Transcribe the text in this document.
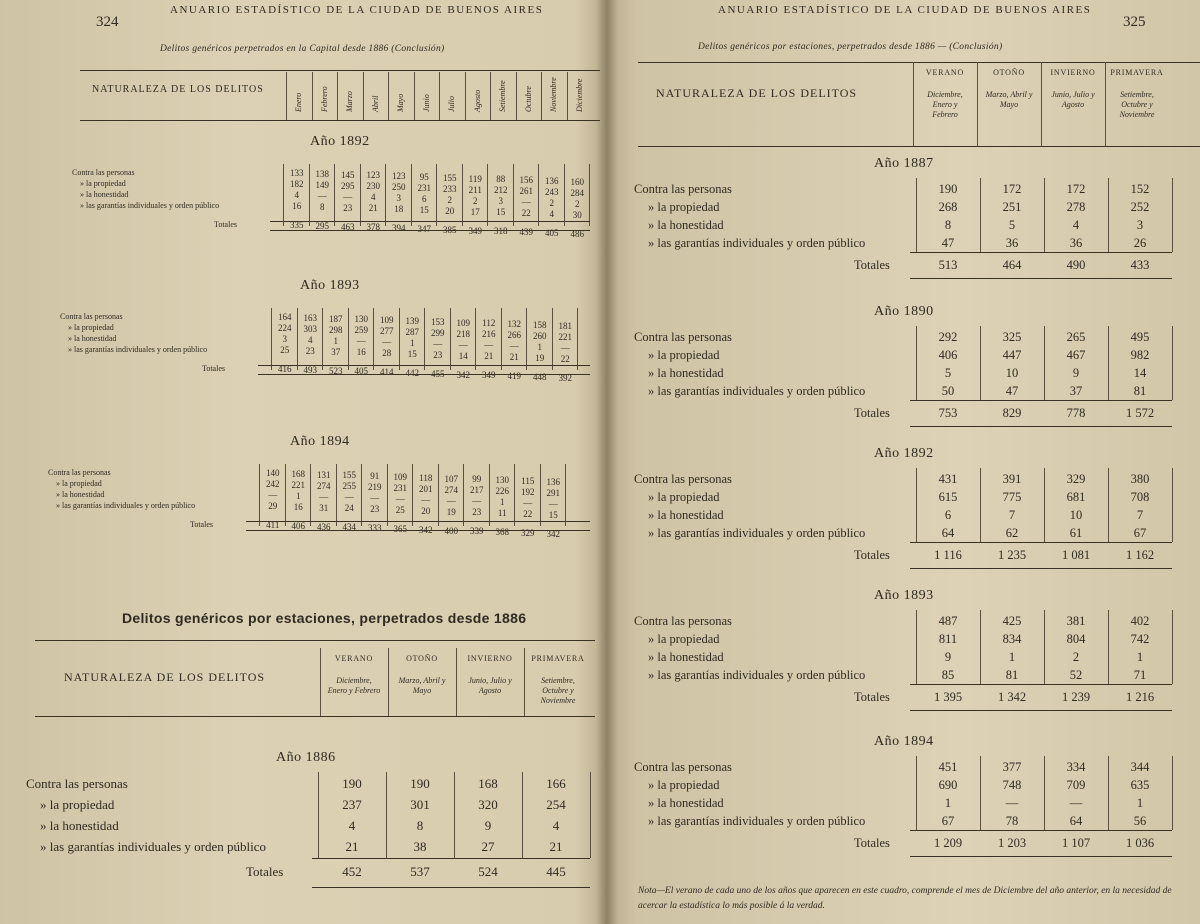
324
ANUARIO ESTADÍSTICO DE LA CIUDAD DE BUENOS AIRES
Delitos genéricos perpetrados en la Capital desde 1886 (Conclusión)
NATURALEZA DE LOS DELITOS
Enero Febrero Marzo Abril Mayo Junio Julio Agosto Setiembre Octubre Noviembre Diciembre
Año 1892
Contra las personas	133	138	145	123	123	95	155	119	88	156	136	160
» la propiedad	182	149	295	230	250	231	233	211	212	261	243	284
» la honestidad	4	—	—	4	3	6	2	2	3	—	2	2
» las garantías individuales y orden público	16	8	23	21	18	15	20	17	15	22	4	30
Totales	335	295	463	378	394	347	385	349	318	439	405	486
Año 1893
Contra las personas	164	163	187	130	109	139	153	109	112	132	158	181
» la propiedad	224	303	298	259	277	287	299	218	216	266	260	221
» la honestidad	3	4	1	—	—	1	—	—	—	—	1	—
» las garantías individuales y orden público	25	23	37	16	28	15	23	14	21	21	19	22
Totales	416	493	523	405	414	442	455	342	349	419	448	392
Año 1894
Contra las personas	140	168	131	155	91	109	118	107	99	130	115	136
» la propiedad	242	221	274	255	219	231	201	274	217	226	192	291
» la honestidad	—	1	—	—	—	—	—	—	—	1	—	—
» las garantías individuales y orden público	29	16	31	24	23	25	20	19	23	11	22	15
Totales	411	406	436	434	333	365	342	400	339	368	329	342
Delitos genéricos por estaciones, perpetrados desde 1886
NATURALEZA DE LOS DELITOS
VERANO
Diciembre, Enero y Febrero
OTOÑO
Marzo, Abril y Mayo
INVIERNO
Junio, Julio y Agosto
PRIMAVERA
Setiembre, Octubre y Noviembre
Año 1886
Contra las personas	190	190	168	166
» la propiedad	237	301	320	254
» la honestidad	4	8	9	4
» las garantías individuales y orden público	21	38	27	21
Totales	452	537	524	445
ANUARIO ESTADÍSTICO DE LA CIUDAD DE BUENOS AIRES
325
Delitos genéricos por estaciones, perpetrados desde 1886 — (Conclusión)
NATURALEZA DE LOS DELITOS
VERANO
Diciembre, Enero y Febrero
OTOÑO
Marzo, Abril y Mayo
INVIERNO
Junio, Julio y Agosto
PRIMAVERA
Setiembre, Octubre y Noviembre
Año 1887
Contra las personas	190	172	172	152
» la propiedad	268	251	278	252
» la honestidad	8	5	4	3
» las garantías individuales y orden público	47	36	36	26
Totales	513	464	490	433
Año 1890
Contra las personas	292	325	265	495
» la propiedad	406	447	467	982
» la honestidad	5	10	9	14
» las garantías individuales y orden público	50	47	37	81
Totales	753	829	778	1 572
Año 1892
Contra las personas	431	391	329	380
» la propiedad	615	775	681	708
» la honestidad	6	7	10	7
» las garantías individuales y orden público	64	62	61	67
Totales	1 116	1 235	1 081	1 162
Año 1893
Contra las personas	487	425	381	402
» la propiedad	811	834	804	742
» la honestidad	9	1	2	1
» las garantías individuales y orden público	85	81	52	71
Totales	1 395	1 342	1 239	1 216
Año 1894
Contra las personas	451	377	334	344
» la propiedad	690	748	709	635
» la honestidad	1	—	—	1
» las garantías individuales y orden público	67	78	64	56
Totales	1 209	1 203	1 107	1 036
Nota—El verano de cada uno de los años que aparecen en este cuadro, comprende el mes de Diciembre del año anterior, en la necesidad de acercar la estadística lo más posible á la verdad.
